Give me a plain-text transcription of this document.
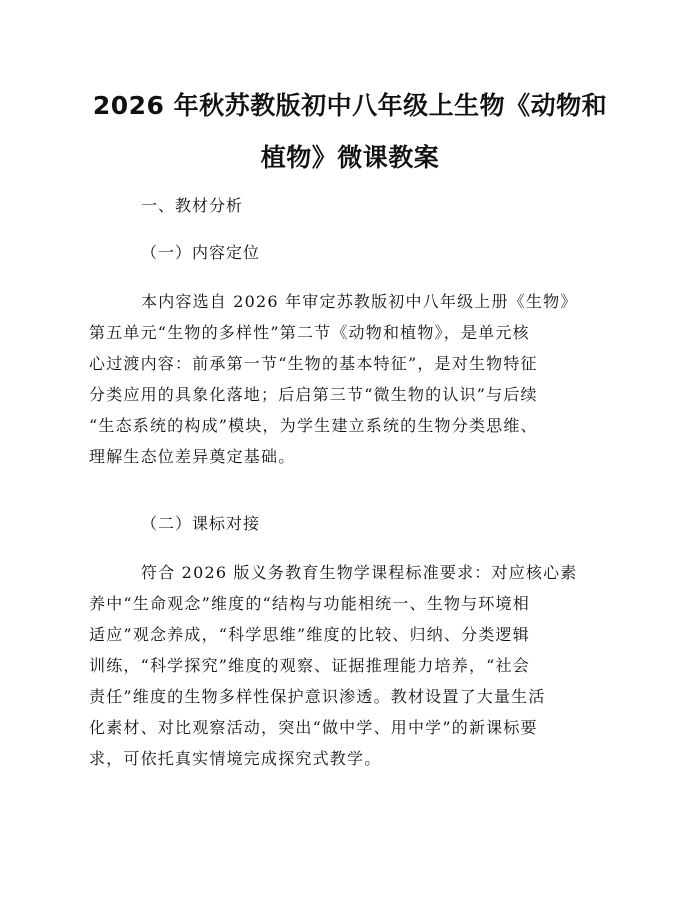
2026 年秋苏教版初中八年级上生物《动物和
植物》微课教案
一、教材分析
（一）内容定位
本内容选自 2026 年审定苏教版初中八年级上册《生物》
第五单元“生物的多样性”第二节《动物和植物》，是单元核
心过渡内容：前承第一节“生物的基本特征”，是对生物特征
分类应用的具象化落地；后启第三节“微生物的认识”与后续
“生态系统的构成”模块，为学生建立系统的生物分类思维、
理解生态位差异奠定基础。
（二）课标对接
符合 2026 版义务教育生物学课程标准要求：对应核心素
养中“生命观念”维度的“结构与功能相统一、生物与环境相
适应”观念养成，“科学思维”维度的比较、归纳、分类逻辑
训练，“科学探究”维度的观察、证据推理能力培养，“社会
责任”维度的生物多样性保护意识渗透。教材设置了大量生活
化素材、对比观察活动，突出“做中学、用中学”的新课标要
求，可依托真实情境完成探究式教学。
